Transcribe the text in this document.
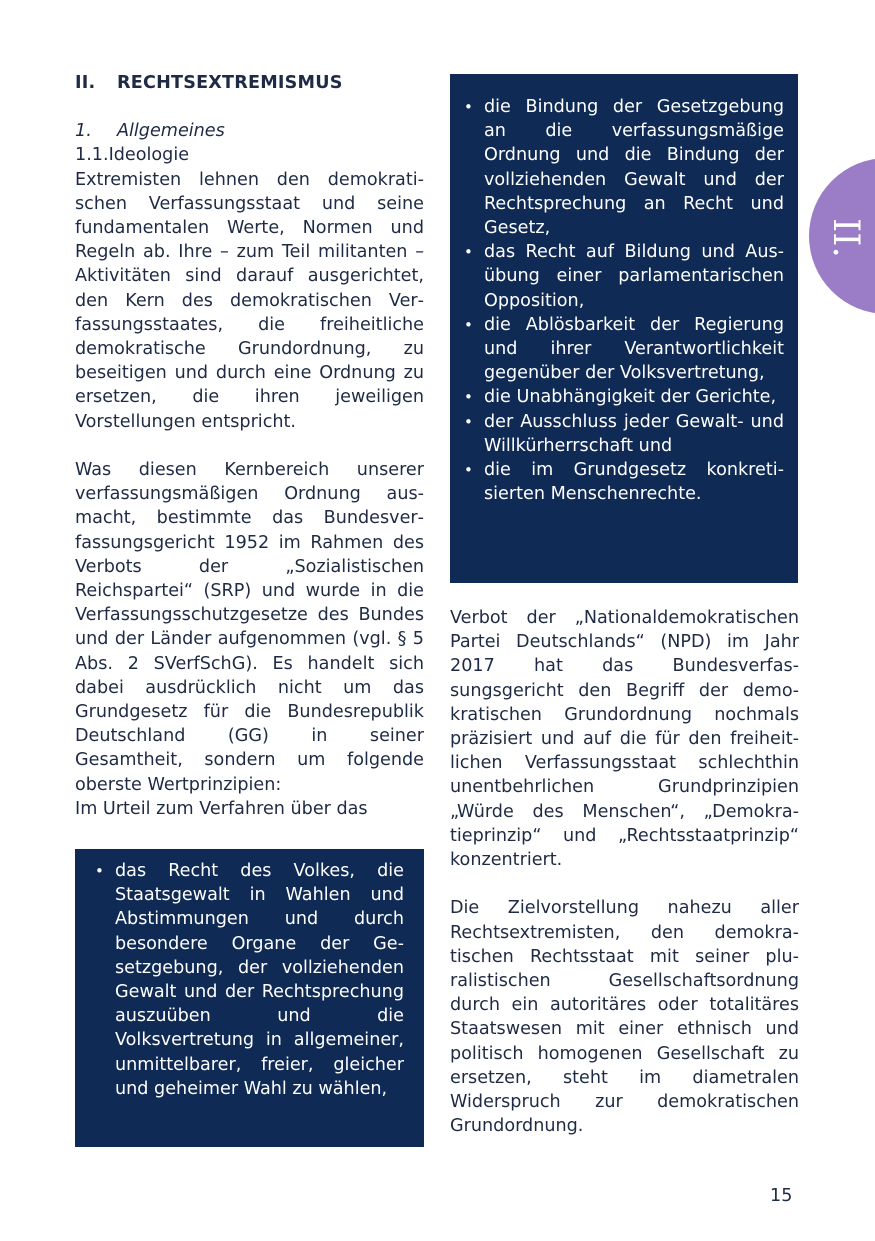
II.
II. RECHTSEXTREMISMUS
1. Allgemeines
1.1.Ideologie

Extremisten lehnen den demokratischen Verfassungsstaat und seine fundamentalen Werte, Normen und Regeln ab. Ihre – zum Teil militanten – Aktivitäten sind darauf ausgerichtet, den Kern des demokratischen Verfassungsstaates, die freiheitliche demokratische Grundordnung, zu beseitigen und durch eine Ordnung zu ersetzen, die ihren jeweiligen Vorstellungen entspricht.

Was diesen Kernbereich unserer verfassungsmäßigen Ordnung ausmacht, bestimmte das Bundesverfassungsgericht 1952 im Rahmen des Verbots der „Sozialistischen Reichspartei“ (SRP) und wurde in die Verfassungsschutzgesetze des Bundes und der Länder aufgenommen (vgl. § 5 Abs. 2 SVerfSchG). Es handelt sich dabei ausdrücklich nicht um das Grundgesetz für die Bundesrepublik Deutschland (GG) in seiner Gesamtheit, sondern um folgende oberste Wertprinzipien:

Im Urteil zum Verfahren über das

• das Recht des Volkes, die Staatsgewalt in Wahlen und Abstimmungen und durch besondere Organe der Gesetzgebung, der vollziehenden Gewalt und der Rechtsprechung auszuüben und die Volksvertretung in allgemeiner, unmittelbarer, freier, gleicher und geheimer Wahl zu wählen,
• die Bindung der Gesetzgebung an die verfassungsmäßige Ordnung und die Bindung der vollziehenden Gewalt und der Rechtsprechung an Recht und Gesetz,
• das Recht auf Bildung und Ausübung einer parlamentarischen Opposition,
• die Ablösbarkeit der Regierung und ihrer Verantwortlichkeit gegenüber der Volksvertretung,
• die Unabhängigkeit der Gerichte,
• der Ausschluss jeder Gewalt- und Willkürherrschaft und
• die im Grundgesetz konkretisierten Menschenrechte.

Verbot der „Nationaldemokratischen Partei Deutschlands“ (NPD) im Jahr 2017 hat das Bundesverfassungsgericht den Begriff der demokratischen Grundordnung nochmals präzisiert und auf die für den freiheitlichen Verfassungsstaat schlechthin unentbehrlichen Grundprinzipien „Würde des Menschen“, „Demokratieprinzip“ und „Rechtsstaatprinzip“ konzentriert.

Die Zielvorstellung nahezu aller Rechtsextremisten, den demokratischen Rechtsstaat mit seiner pluralistischen Gesellschaftsordnung durch ein autoritäres oder totalitäres Staatswesen mit einer ethnisch und politisch homogenen Gesellschaft zu ersetzen, steht im diametralen Widerspruch zur demokratischen Grundordnung.

15
